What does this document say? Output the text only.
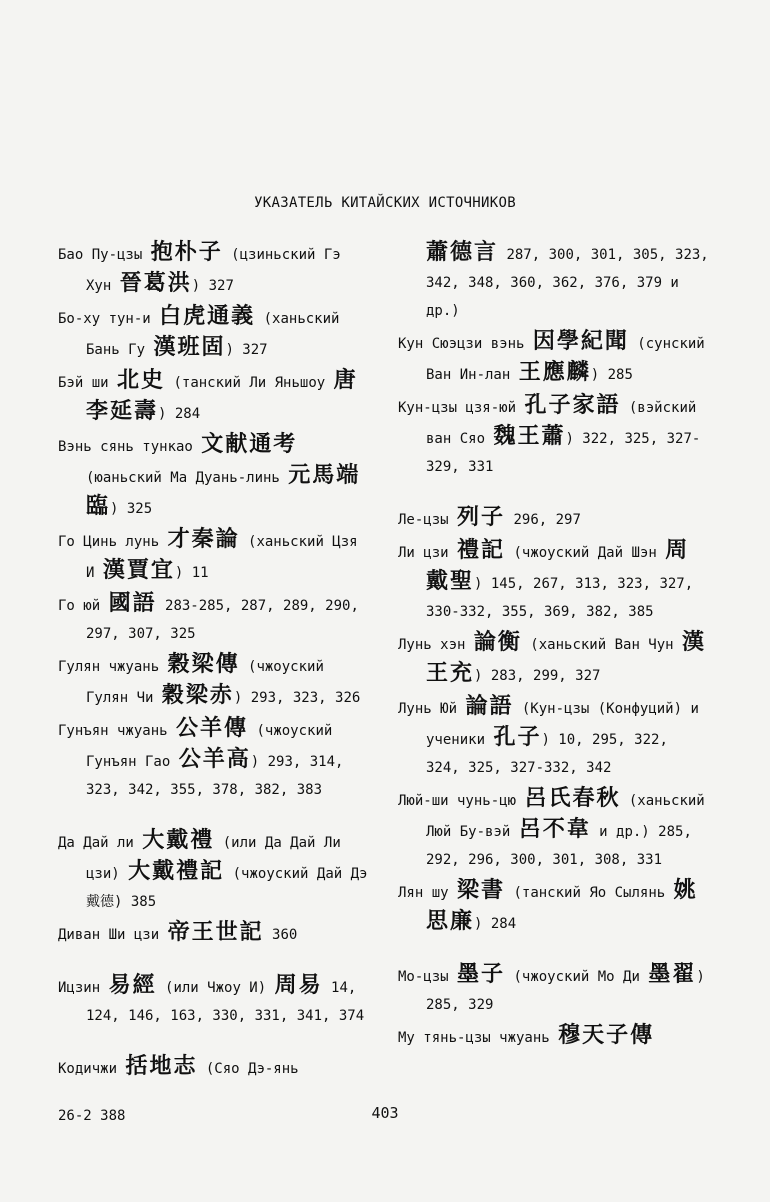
УКАЗАТЕЛЬ КИТАЙСКИХ ИСТОЧНИКОВ

Бао Пу-цзы 抱朴子 (цзиньский Гэ Хун 晉葛洪) 327

Бо-ху тун-и 白虎通義 (ханьский Бань Гу 漢班固) 327

Бэй ши 北史 (танский Ли Яньшоу 唐李延壽) 284

Вэнь сянь тункао 文献通考 (юаньский Ма Дуань-линь 元馬端臨) 325

Го Цинь лунь 才秦論 (ханьский Цзя И 漢賈宜) 11

Го юй 國語 283-285, 287, 289, 290, 297, 307, 325

Гулян чжуань 穀梁傳 (чжоуский Гулян Чи 穀梁赤) 293, 323, 326

Гунъян чжуань 公羊傳 (чжоуский Гунъян Гао 公羊高) 293, 314, 323, 342, 355, 378, 382, 383

Да Дай ли 大戴禮 (или Да Дай Ли цзи) 大戴禮記 (чжоуский Дай Дэ 戴德) 385

Диван Ши цзи 帝王世記 360

Ицзин 易經 (или Чжоу И) 周易 14, 124, 146, 163, 330, 331, 341, 374

Кодичжи 括地志 (Сяо Дэ-янь

蕭德言 287, 300, 301, 305, 323, 342, 348, 360, 362, 376, 379 и др.)

Кун Сюэцзи вэнь 因學紀聞 (сунский Ван Ин-лан 王應麟) 285

Кун-цзы цзя-юй 孔子家語 (вэйский ван Сяо 魏王蕭) 322, 325, 327-329, 331

Ле-цзы 列子 296, 297

Ли цзи 禮記 (чжоуский Дай Шэн 周戴聖) 145, 267, 313, 323, 327, 330-332, 355, 369, 382, 385

Лунь хэн 論衡 (ханьский Ван Чун 漢王充) 283, 299, 327

Лунь Юй 論語 (Кун-цзы (Конфуций) и ученики 孔子) 10, 295, 322, 324, 325, 327-332, 342

Люй-ши чунь-цю 呂氏春秋 (ханьский Люй Бу-вэй 呂不韋 и др.) 285, 292, 296, 300, 301, 308, 331

Лян шу 梁書 (танский Яо Сылянь 姚思廉) 284

Мо-цзы 墨子 (чжоуский Мо Ди 墨翟) 285, 329

Му тянь-цзы чжуань 穆天子傳

26-2 388	403
